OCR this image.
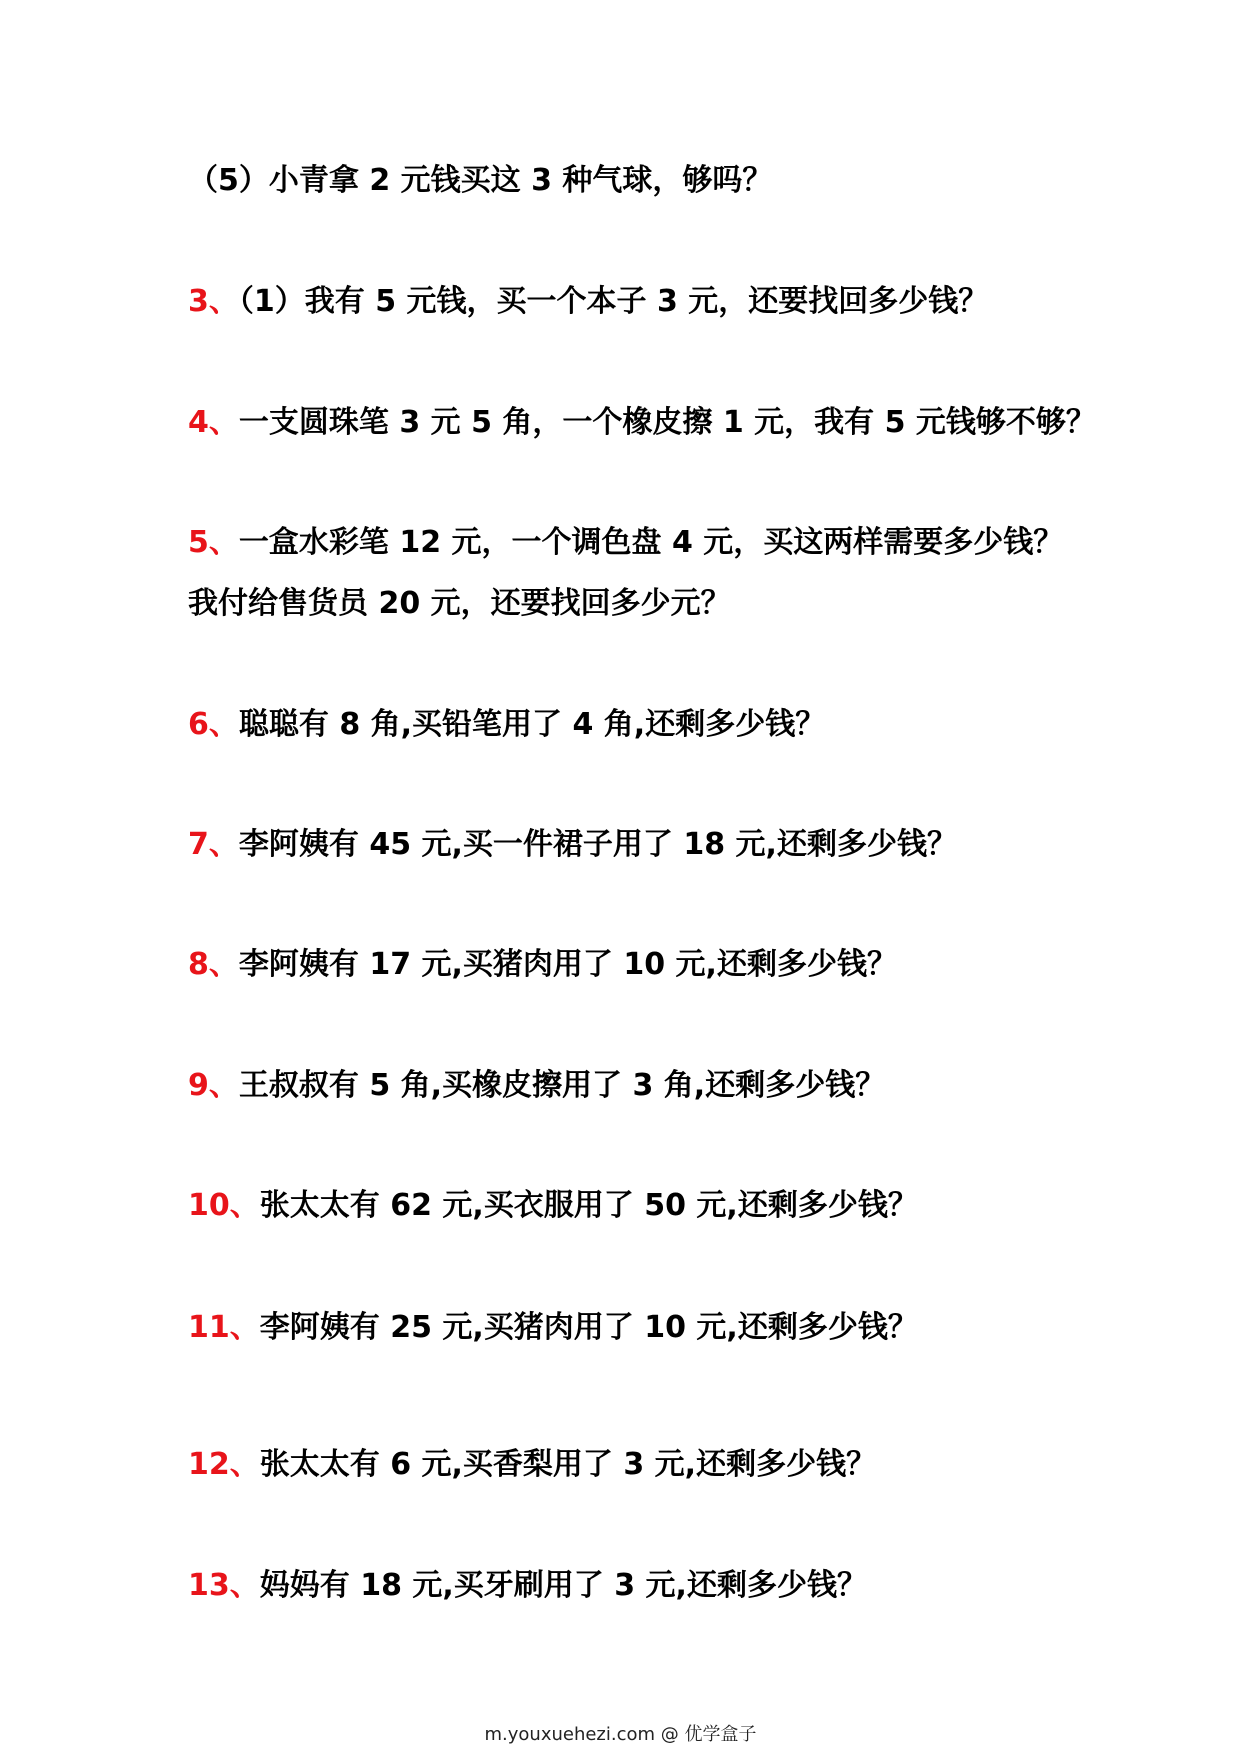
（5）小青拿 2 元钱买这 3 种气球，够吗？

3、（1）我有 5 元钱，买一个本子 3 元，还要找回多少钱？

4、一支圆珠笔 3 元 5 角，一个橡皮擦 1 元，我有 5 元钱够不够？

5、一盒水彩笔 12 元，一个调色盘 4 元，买这两样需要多少钱？

我付给售货员 20 元，还要找回多少元？

6、聪聪有 8 角,买铅笔用了 4 角,还剩多少钱？

7、李阿姨有 45 元,买一件裙子用了 18 元,还剩多少钱？

8、李阿姨有 17 元,买猪肉用了 10 元,还剩多少钱？

9、王叔叔有 5 角,买橡皮擦用了 3 角,还剩多少钱？

10、张太太有 62 元,买衣服用了 50 元,还剩多少钱？

11、李阿姨有 25 元,买猪肉用了 10 元,还剩多少钱？

12、张太太有 6 元,买香梨用了 3 元,还剩多少钱？

13、妈妈有 18 元,买牙刷用了 3 元,还剩多少钱？

m.youxuehezi.com @ 优学盒子
